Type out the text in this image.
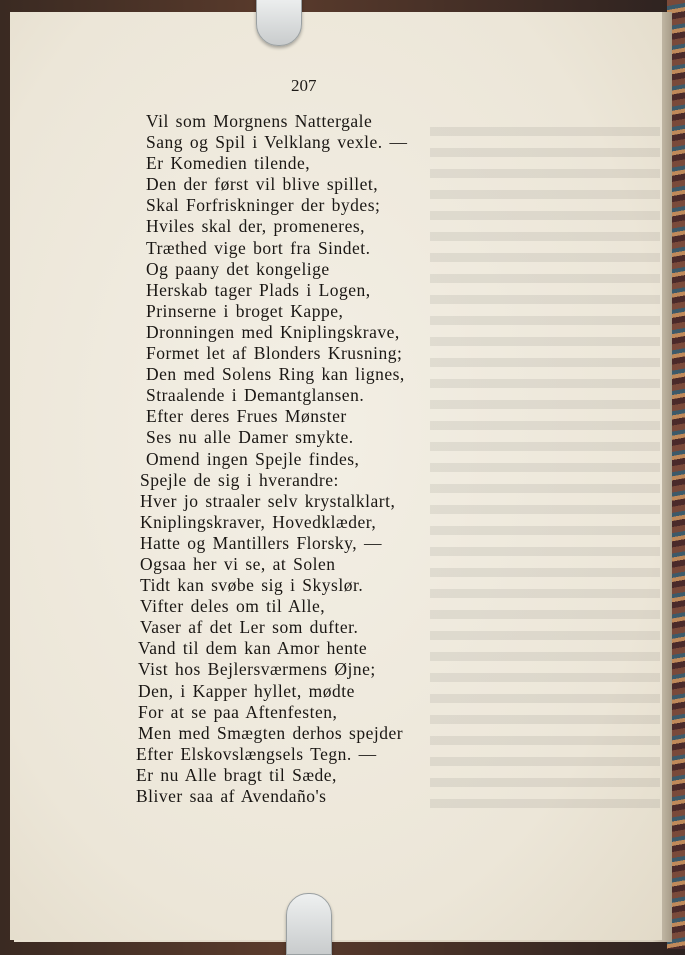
207
Vil som Morgnens Nattergale
Sang og Spil i Velklang vexle. —
Er Komedien tilende,
Den der først vil blive spillet,
Skal Forfriskninger der bydes;
Hviles skal der, promeneres,
Træthed vige bort fra Sindet.
Og paany det kongelige
Herskab tager Plads i Logen,
Prinserne i broget Kappe,
Dronningen med Kniplingskrave,
Formet let af Blonders Krusning;
Den med Solens Ring kan lignes,
Straalende i Demantglansen.
Efter deres Frues Mønster
Ses nu alle Damer smykte.
Omend ingen Spejle findes,
Spejle de sig i hverandre:
Hver jo straaler selv krystalklart,
Kniplingskraver, Hovedklæder,
Hatte og Mantillers Florsky, —
Ogsaa her vi se, at Solen
Tidt kan svøbe sig i Skyslør.
Vifter deles om til Alle,
Vaser af det Ler som dufter.
Vand til dem kan Amor hente
Vist hos Bejlersværmens Øjne;
Den, i Kapper hyllet, mødte
For at se paa Aftenfesten,
Men med Smægten derhos spejder
Efter Elskovslængsels Tegn. —
Er nu Alle bragt til Sæde,
Bliver saa af Avendaño's
